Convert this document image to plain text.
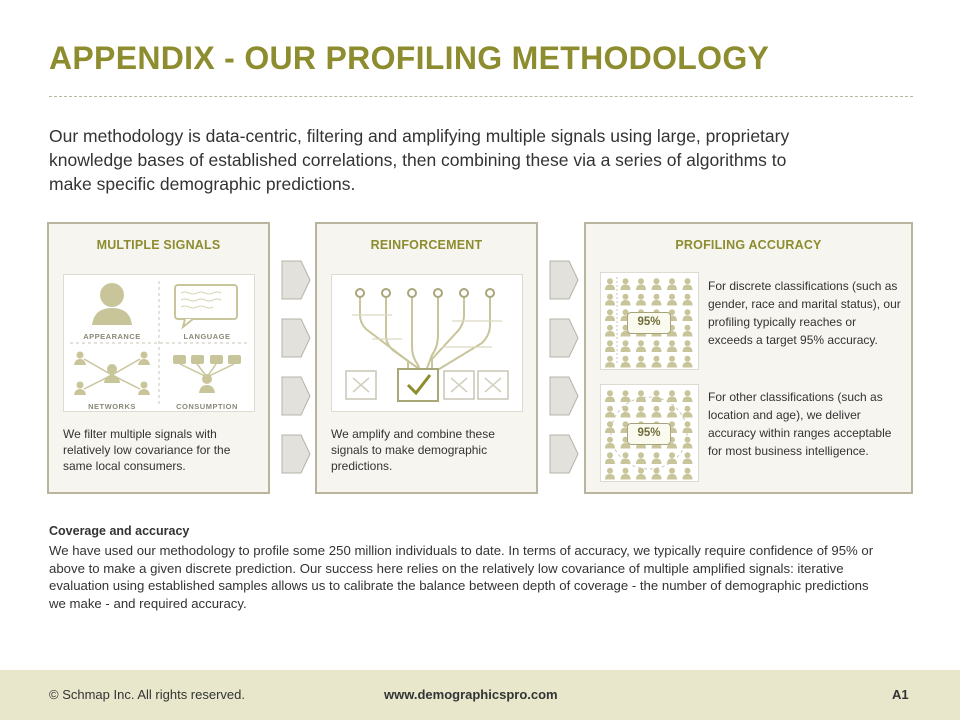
APPENDIX - OUR PROFILING METHODOLOGY

Our methodology is data-centric, filtering and amplifying multiple signals using large, proprietary knowledge bases of established correlations, then combining these via a series of algorithms to make specific demographic predictions.

MULTIPLE SIGNALS
APPEARANCE	LANGUAGE
NETWORKS	CONSUMPTION

We filter multiple signals with relatively low covariance for the same local consumers.

REINFORCEMENT

We amplify and combine these signals to make demographic predictions.

PROFILING ACCURACY
95%

For discrete classifications (such as gender, race and marital status), our profiling typically reaches or exceeds a target 95% accuracy.

95%

For other classifications (such as location and age), we deliver accuracy within ranges acceptable for most business intelligence.

Coverage and accuracy

We have used our methodology to profile some 250 million individuals to date. In terms of accuracy, we typically require confidence of 95% or above to make a given discrete prediction. Our success here relies on the relatively low covariance of multiple amplified signals: iterative evaluation using established samples allows us to calibrate the balance between depth of coverage - the number of demographic predictions we make - and required accuracy.

© Schmap Inc. All rights reserved.	www.demographicspro.com	A1
